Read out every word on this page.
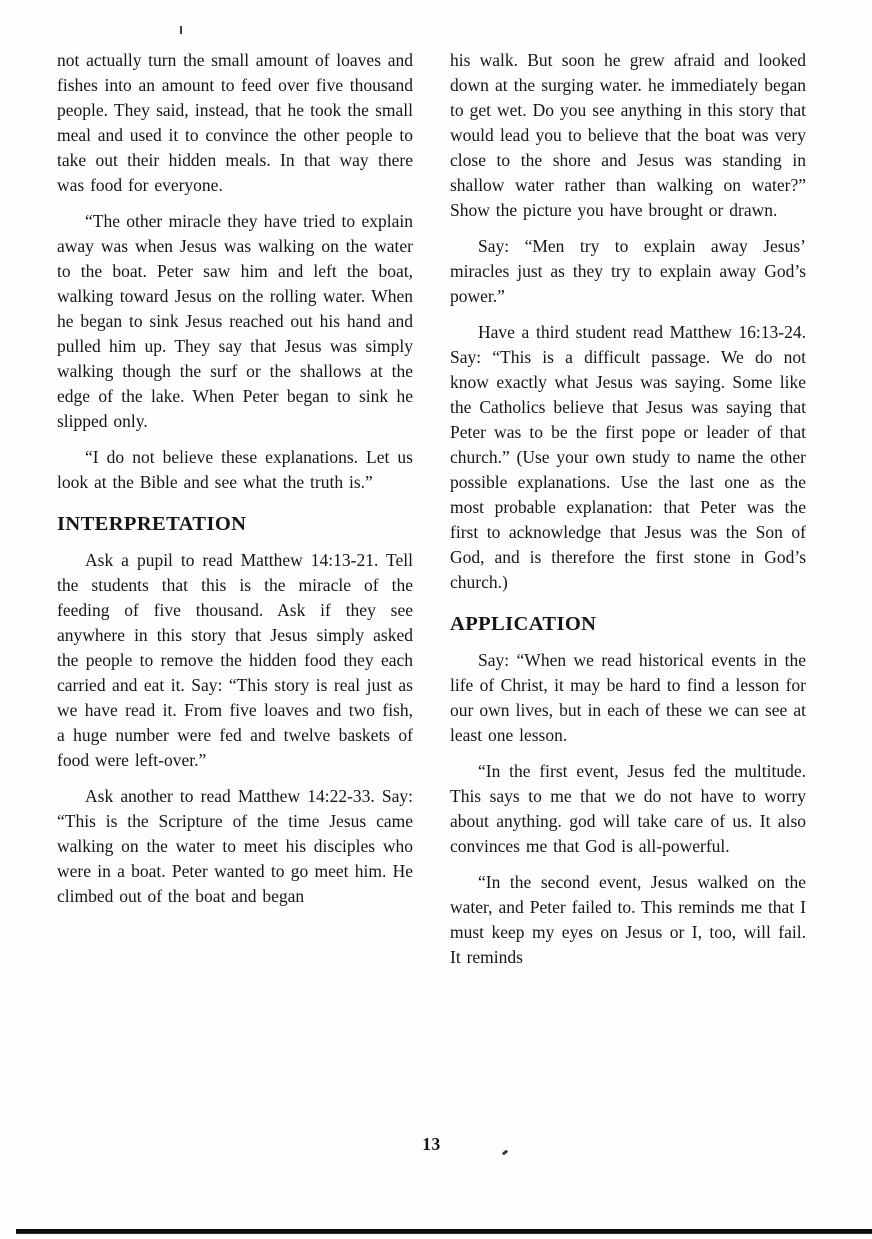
not actually turn the small amount of loaves and fishes into an amount to feed over five thousand people. They said, instead, that he took the small meal and used it to convince the other people to take out their hidden meals. In that way there was food for everyone.

“The other miracle they have tried to explain away was when Jesus was walking on the water to the boat. Peter saw him and left the boat, walking toward Jesus on the rolling water. When he began to sink Jesus reached out his hand and pulled him up. They say that Jesus was simply walking though the surf or the shallows at the edge of the lake. When Peter began to sink he slipped only.

“I do not believe these explanations. Let us look at the Bible and see what the truth is.”

INTERPRETATION

Ask a pupil to read Matthew 14:13-21. Tell the students that this is the miracle of the feeding of five thousand. Ask if they see anywhere in this story that Jesus simply asked the people to remove the hidden food they each carried and eat it. Say: “This story is real just as we have read it. From five loaves and two fish, a huge number were fed and twelve baskets of food were left-over.”

Ask another to read Matthew 14:22-33. Say: “This is the Scripture of the time Jesus came walking on the water to meet his disciples who were in a boat. Peter wanted to go meet him. He climbed out of the boat and began

his walk. But soon he grew afraid and looked down at the surging water. he immediately began to get wet. Do you see anything in this story that would lead you to believe that the boat was very close to the shore and Jesus was standing in shallow water rather than walking on water?” Show the picture you have brought or drawn.

Say: “Men try to explain away Jesus’ miracles just as they try to explain away God’s power.”

Have a third student read Matthew 16:13-24. Say: “This is a difficult passage. We do not know exactly what Jesus was saying. Some like the Catholics believe that Jesus was saying that Peter was to be the first pope or leader of that church.” (Use your own study to name the other possible explanations. Use the last one as the most probable explanation: that Peter was the first to acknowledge that Jesus was the Son of God, and is therefore the first stone in God’s church.)

APPLICATION

Say: “When we read historical events in the life of Christ, it may be hard to find a lesson for our own lives, but in each of these we can see at least one lesson.

“In the first event, Jesus fed the multitude. This says to me that we do not have to worry about anything. god will take care of us. It also convinces me that God is all-powerful.

“In the second event, Jesus walked on the water, and Peter failed to. This reminds me that I must keep my eyes on Jesus or I, too, will fail. It reminds

13
